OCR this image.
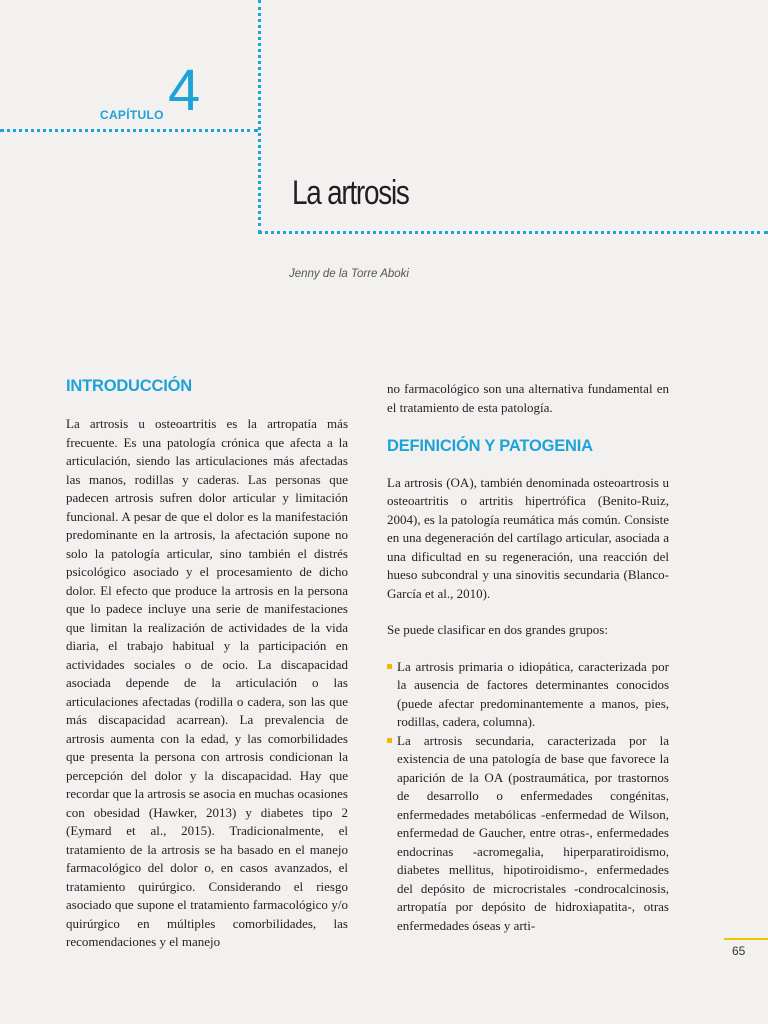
CAPÍTULO 4
La artrosis
Jenny de la Torre Aboki
INTRODUCCIÓN

La artrosis u osteoartritis es la artropatía más frecuente. Es una patología crónica que afecta a la articulación, siendo las articulaciones más afectadas las manos, rodillas y caderas. Las personas que padecen artrosis sufren dolor articular y limitación funcional. A pesar de que el dolor es la manifestación predominante en la artrosis, la afectación supone no solo la patología articular, sino también el distrés psicológico asociado y el procesamiento de dicho dolor. El efecto que produce la artrosis en la persona que lo padece incluye una serie de manifestaciones que limitan la realización de actividades de la vida diaria, el trabajo habitual y la participación en actividades sociales o de ocio. La discapacidad asociada depende de la articulación o las articulaciones afectadas (rodilla o cadera, son las que más discapacidad acarrean). La prevalencia de artrosis aumenta con la edad, y las comorbilidades que presenta la persona con artrosis condicionan la percepción del dolor y la discapacidad. Hay que recordar que la artrosis se asocia en muchas ocasiones con obesidad (Hawker, 2013) y diabetes tipo 2 (Eymard et al., 2015). Tradicionalmente, el tratamiento de la artrosis se ha basado en el manejo farmacológico del dolor o, en casos avanzados, el tratamiento quirúrgico. Considerando el riesgo asociado que supone el tratamiento farmacológico y/o quirúrgico en múltiples comorbilidades, las recomendaciones y el manejo

no farmacológico son una alternativa fundamental en el tratamiento de esta patología.

DEFINICIÓN Y PATOGENIA

La artrosis (OA), también denominada osteoartrosis u osteoartritis o artritis hipertrófica (Benito-Ruiz, 2004), es la patología reumática más común. Consiste en una degeneración del cartílago articular, asociada a una dificultad en su regeneración, una reacción del hueso subcondral y una sinovitis secundaria (Blanco-García et al., 2010).

Se puede clasificar en dos grandes grupos:

La artrosis primaria o idiopática, caracterizada por la ausencia de factores determinantes conocidos (puede afectar predominantemente a manos, pies, rodillas, cadera, columna).
La artrosis secundaria, caracterizada por la existencia de una patología de base que favorece la aparición de la OA (postraumática, por trastornos de desarrollo o enfermedades congénitas, enfermedades metabólicas -enfermedad de Wilson, enfermedad de Gaucher, entre otras-, enfermedades endocrinas -acromegalia, hiperparatiroidismo, diabetes mellitus, hipotiroidismo-, enfermedades del depósito de microcristales -condrocalcinosis, artropatía por depósito de hidroxiapatita-, otras enfermedades óseas y arti-
65
